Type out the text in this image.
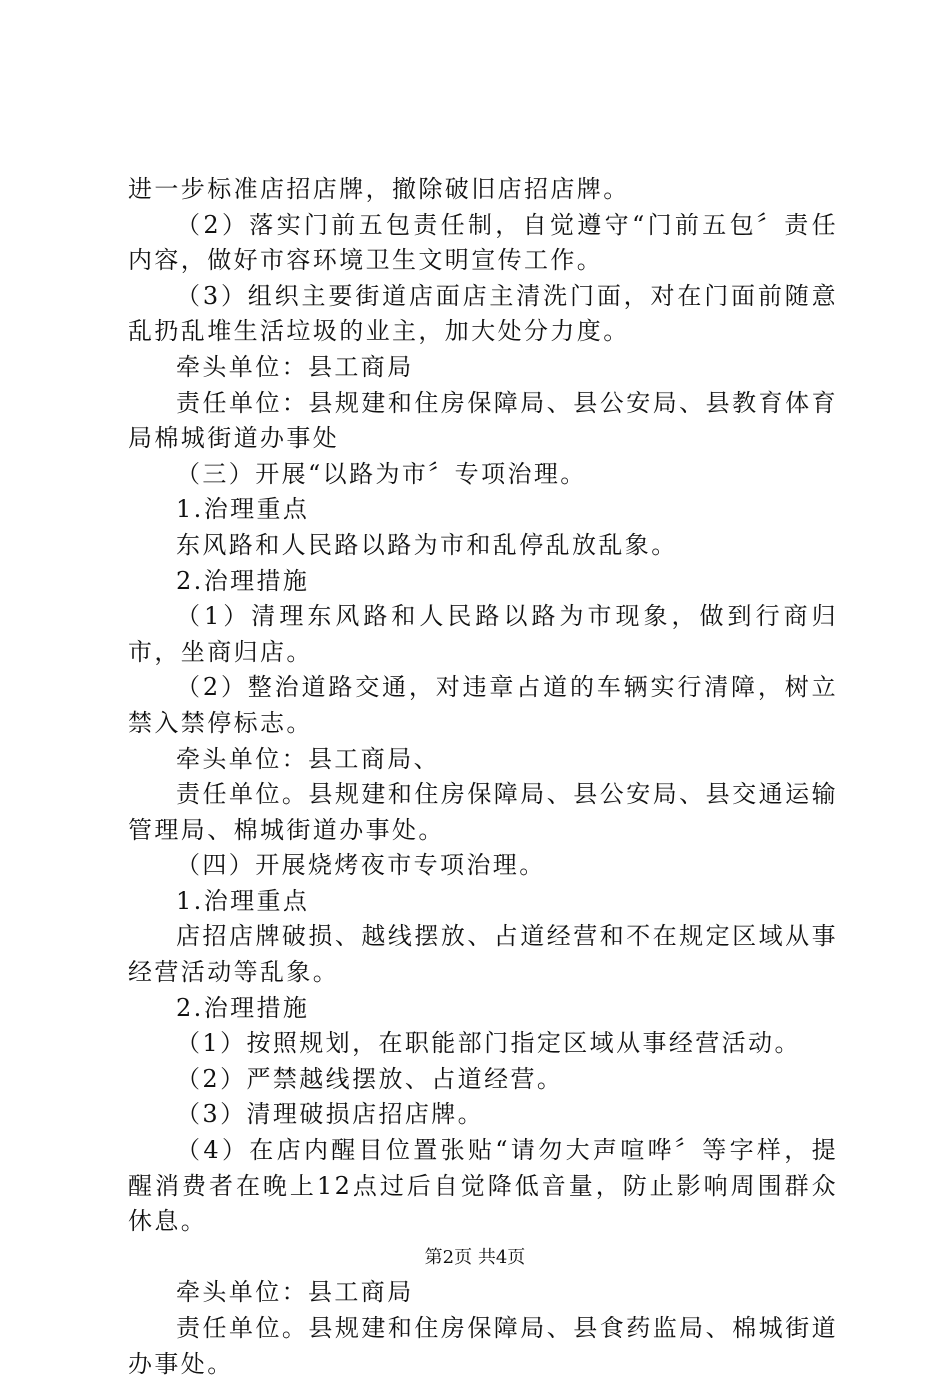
进一步标准店招店牌，撤除破旧店招店牌。

（2）落实门前五包责任制，自觉遵守“门前五包〞责任内容，做好市容环境卫生文明宣传工作。

（3）组织主要街道店面店主清洗门面，对在门面前随意乱扔乱堆生活垃圾的业主，加大处分力度。

牵头单位：县工商局

责任单位：县规建和住房保障局、县公安局、县教育体育局棉城街道办事处

（三）开展“以路为市〞专项治理。

1.治理重点

东风路和人民路以路为市和乱停乱放乱象。

2.治理措施

（1）清理东风路和人民路以路为市现象，做到行商归市，坐商归店。

（2）整治道路交通，对违章占道的车辆实行清障，树立禁入禁停标志。

牵头单位：县工商局、

责任单位。县规建和住房保障局、县公安局、县交通运输管理局、棉城街道办事处。

（四）开展烧烤夜市专项治理。

1.治理重点

店招店牌破损、越线摆放、占道经营和不在规定区域从事经营活动等乱象。

2.治理措施

（1）按照规划，在职能部门指定区域从事经营活动。

（2）严禁越线摆放、占道经营。

（3）清理破损店招店牌。

（4）在店内醒目位置张贴“请勿大声喧哗〞等字样，提醒消费者在晚上12点过后自觉降低音量，防止影响周围群众休息。

牵头单位：县工商局

责任单位。县规建和住房保障局、县食药监局、棉城街道办事处。

第2页 共4页
